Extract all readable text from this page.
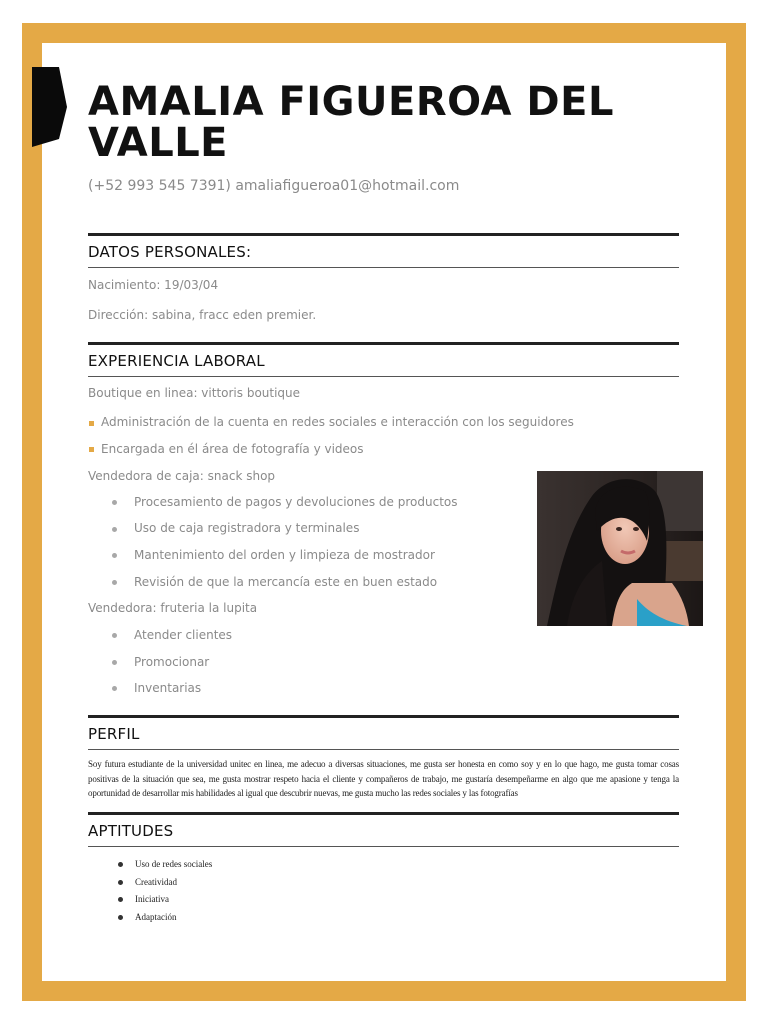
AMALIA FIGUEROA DEL VALLE
(+52 993 545 7391) amaliafigueroa01@hotmail.com
DATOS PERSONALES:
Nacimiento: 19/03/04
Dirección: sabina, fracc eden premier.
EXPERIENCIA LABORAL
Boutique en linea: vittoris boutique
Administración de la cuenta en redes sociales e interacción con los seguidores
Encargada en él área de fotografía y videos
Vendedora de caja: snack shop
Procesamiento de pagos y devoluciones de productos
Uso de caja registradora y terminales
Mantenimiento del orden y limpieza de mostrador
Revisión de que la mercancía este en buen estado
Vendedora: fruteria la lupita
Atender clientes
Promocionar
Inventarias
PERFIL
Soy futura estudiante de la universidad unitec en linea, me adecuo a diversas situaciones, me gusta ser honesta en como soy y en lo que hago, me gusta tomar cosas positivas de la situación que sea, me gusta mostrar respeto hacia el cliente y compañeros de trabajo, me gustaría desempeñarme en algo que me apasione y tenga la oportunidad de desarrollar mis habilidades al igual que descubrir nuevas, me gusta mucho las redes sociales y las fotografías
APTITUDES
Uso de redes sociales
Creatividad
Iniciativa
Adaptación
